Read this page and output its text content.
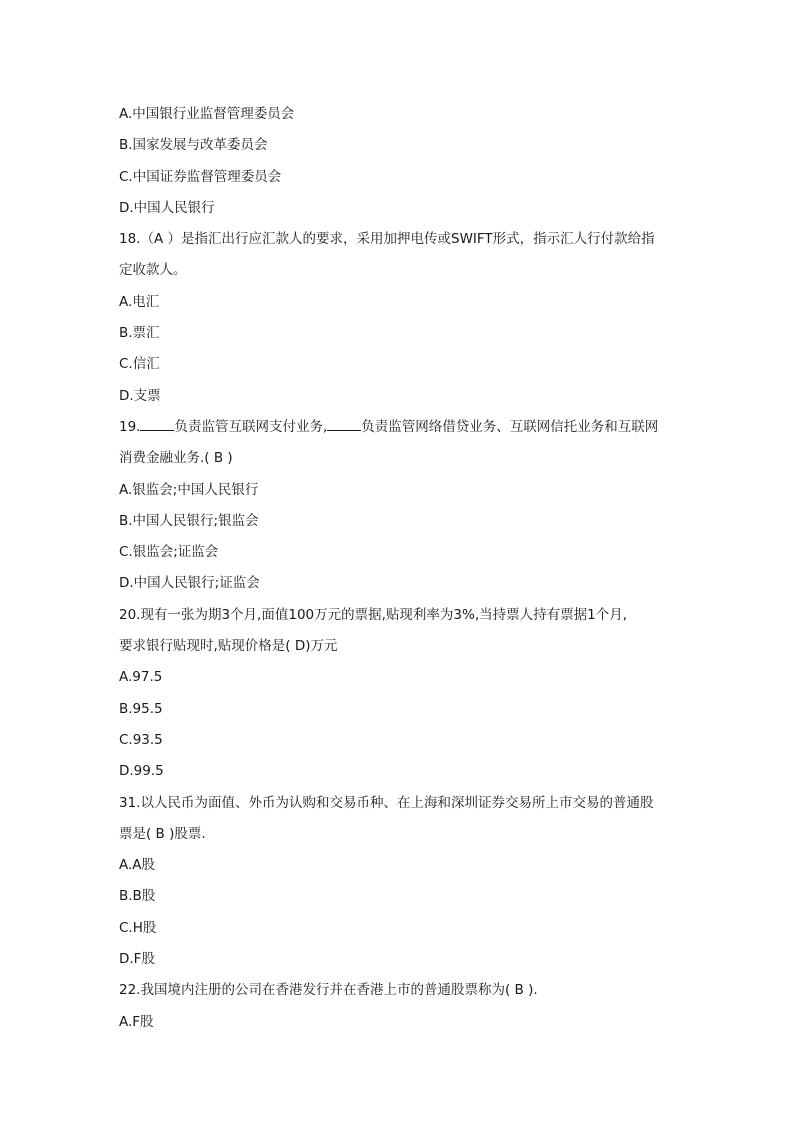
A.中国银行业监督管理委员会
B.国家发展与改革委员会
C.中国证券监督管理委员会
D.中国人民银行
18.（A ）是指汇出行应汇款人的要求，采用加押电传或SWIFT形式，指示汇人行付款给指
定收款人。
A.电汇
B.票汇
C.信汇
D.支票
19.	负责监管互联网支付业务,	负责监管网络借贷业务、互联网信托业务和互联网
消费金融业务.( B )
A.银监会;中国人民银行
B.中国人民银行;银监会
C.银监会;证监会
D.中国人民银行;证监会
20.现有一张为期3个月,面值100万元的票据,贴现利率为3%,当持票人持有票据1个月,
要求银行贴现时,贴现价格是( D)万元
A.97.5
B.95.5
C.93.5
D.99.5
31.以人民币为面值、外币为认购和交易币种、在上海和深圳证券交易所上市交易的普通股
票是( B )股票.
A.A股
B.B股
C.H股
D.F股
22.我国境内注册的公司在香港发行并在香港上市的普通股票称为( B ).
A.F股
